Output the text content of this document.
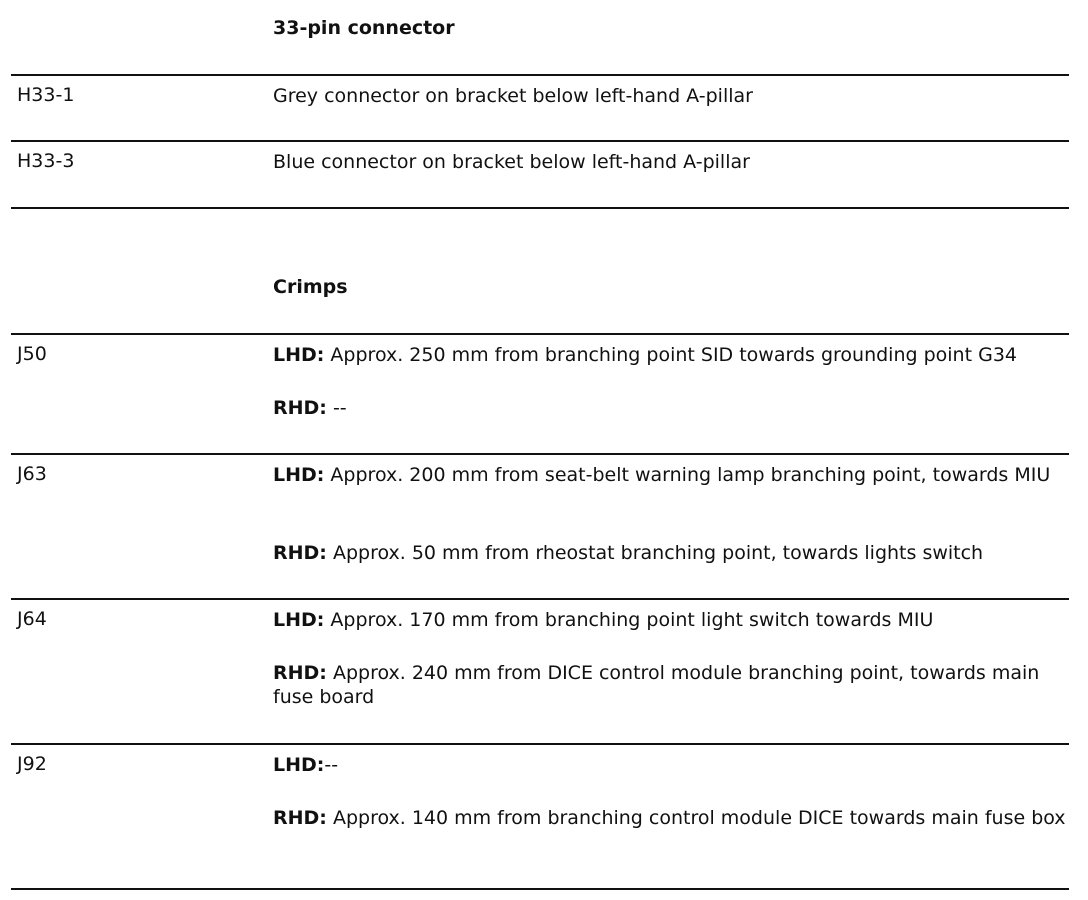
33-pin connector
H33-1	Grey connector on bracket below left-hand A-pillar
H33-3	Blue connector on bracket below left-hand A-pillar
Crimps
J50	LHD: Approx. 250 mm from branching point SID towards grounding point G34
RHD: --
J63	LHD: Approx. 200 mm from seat-belt warning lamp branching point, towards MIU
RHD: Approx. 50 mm from rheostat branching point, towards lights switch
J64	LHD: Approx. 170 mm from branching point light switch towards MIU
RHD: Approx. 240 mm from DICE control module branching point, towards main fuse board
J92	LHD:--
RHD: Approx. 140 mm from branching control module DICE towards main fuse box
